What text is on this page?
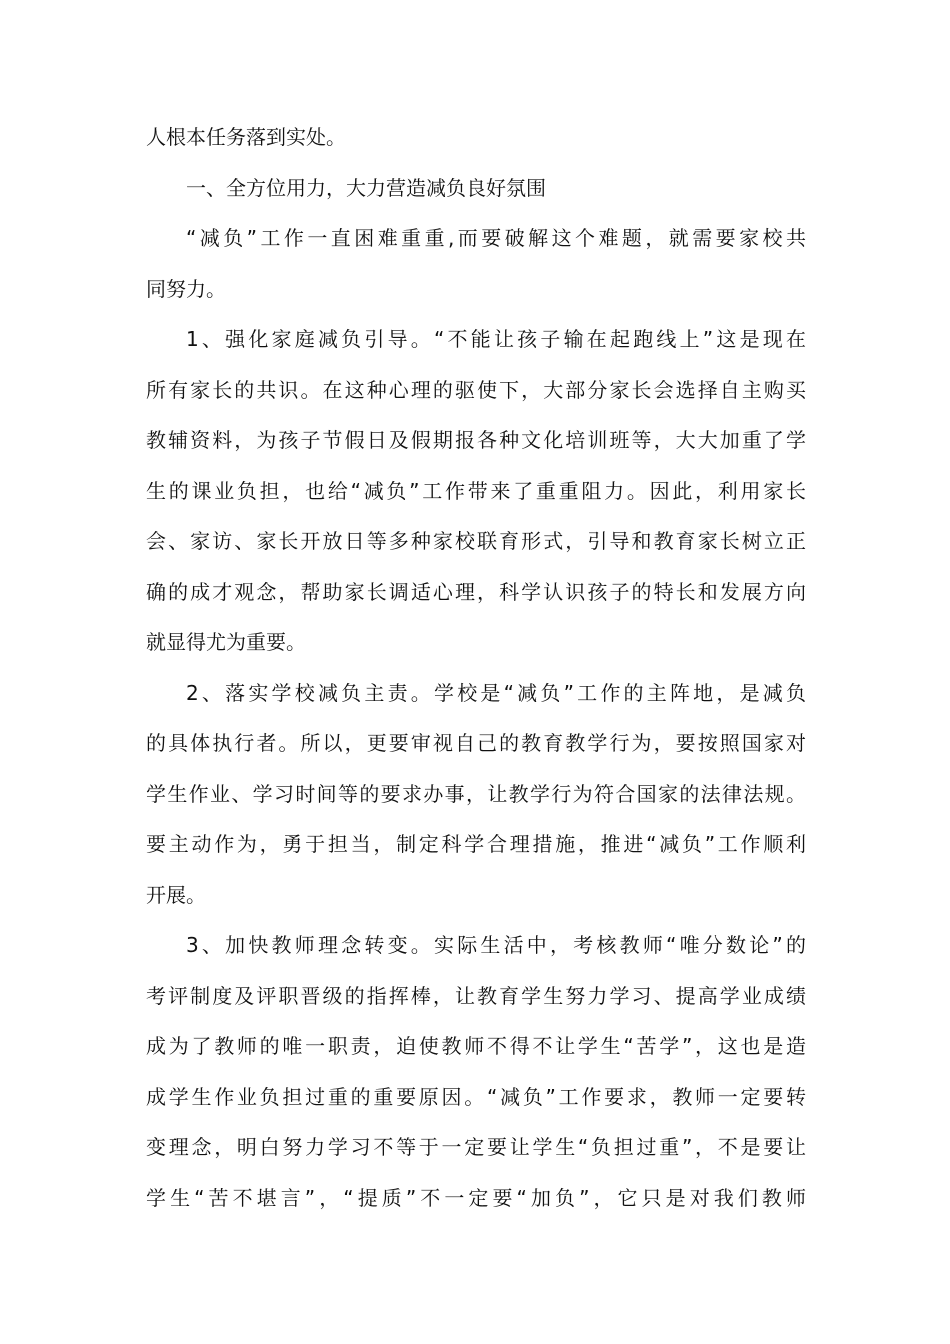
人根本任务落到实处。
一、全方位用力，大力营造减负良好氛围
“减负”工作一直困难重重,而要破解这个难题，就需要家校共
同努力。
1、强化家庭减负引导。“不能让孩子输在起跑线上”这是现在
所有家长的共识。在这种心理的驱使下，大部分家长会选择自主购买
教辅资料，为孩子节假日及假期报各种文化培训班等，大大加重了学
生的课业负担，也给“减负”工作带来了重重阻力。因此，利用家长
会、家访、家长开放日等多种家校联育形式，引导和教育家长树立正
确的成才观念，帮助家长调适心理，科学认识孩子的特长和发展方向
就显得尤为重要。
2、落实学校减负主责。学校是“减负”工作的主阵地，是减负
的具体执行者。所以，更要审视自己的教育教学行为，要按照国家对
学生作业、学习时间等的要求办事，让教学行为符合国家的法律法规。
要主动作为，勇于担当，制定科学合理措施，推进“减负”工作顺利
开展。
3、加快教师理念转变。实际生活中，考核教师“唯分数论”的
考评制度及评职晋级的指挥棒，让教育学生努力学习、提高学业成绩
成为了教师的唯一职责，迫使教师不得不让学生“苦学”，这也是造
成学生作业负担过重的重要原因。“减负”工作要求，教师一定要转
变理念，明白努力学习不等于一定要让学生“负担过重”，不是要让
学生“苦不堪言”，“提质”不一定要“加负”，它只是对我们教师
